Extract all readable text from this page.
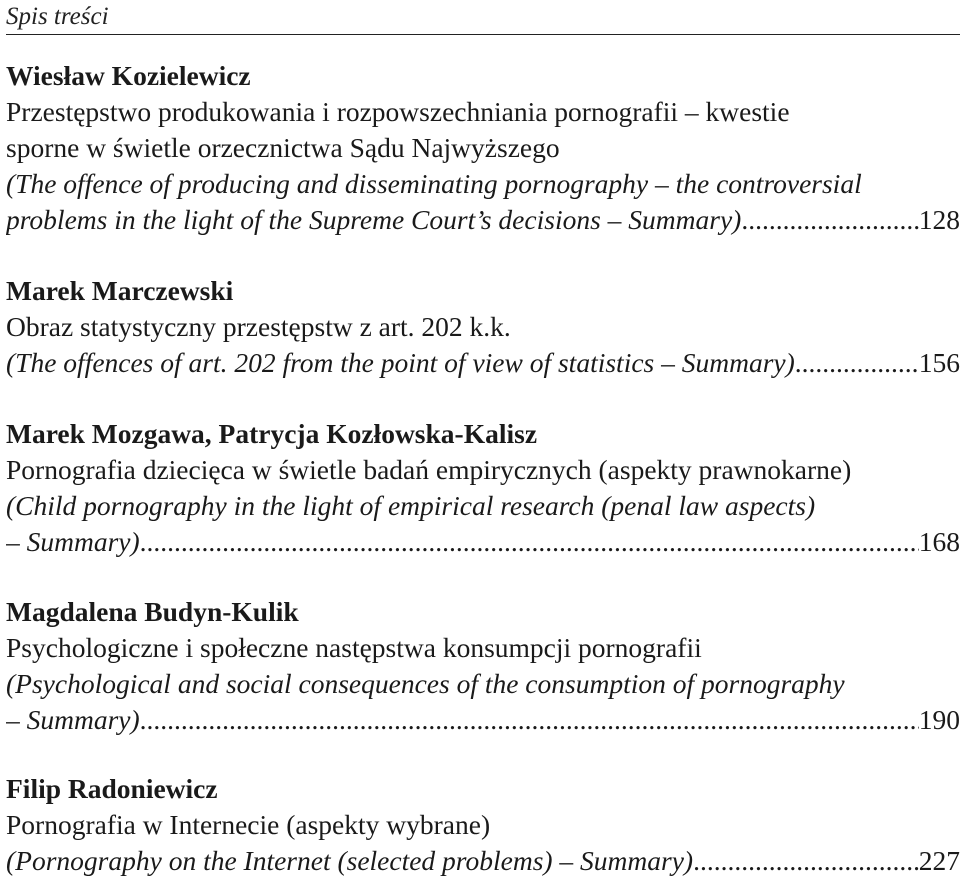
Spis treści
Wiesław Kozielewicz
Przestępstwo produkowania i rozpowszechniania pornografii – kwestie
sporne w świetle orzecznictwa Sądu Najwyższego
(The offence of producing and disseminating pornography – the controversial
problems in the light of the Supreme Court’s decisions – Summary) .....	128
Marek Marczewski
Obraz statystyczny przestępstw z art. 202 k.k.
(The offences of art. 202 from the point of view of statistics – Summary) .....	156
Marek Mozgawa, Patrycja Kozłowska-Kalisz
Pornografia dziecięca w świetle badań empirycznych (aspekty prawnokarne)
(Child pornography in the light of empirical research (penal law aspects)
– Summary) .....	168
Magdalena Budyn-Kulik
Psychologiczne i społeczne następstwa konsumpcji pornografii
(Psychological and social consequences of the consumption of pornography
– Summary) .....	190
Filip Radoniewicz
Pornografia w Internecie (aspekty wybrane)
(Pornography on the Internet (selected problems) – Summary) .....	227
